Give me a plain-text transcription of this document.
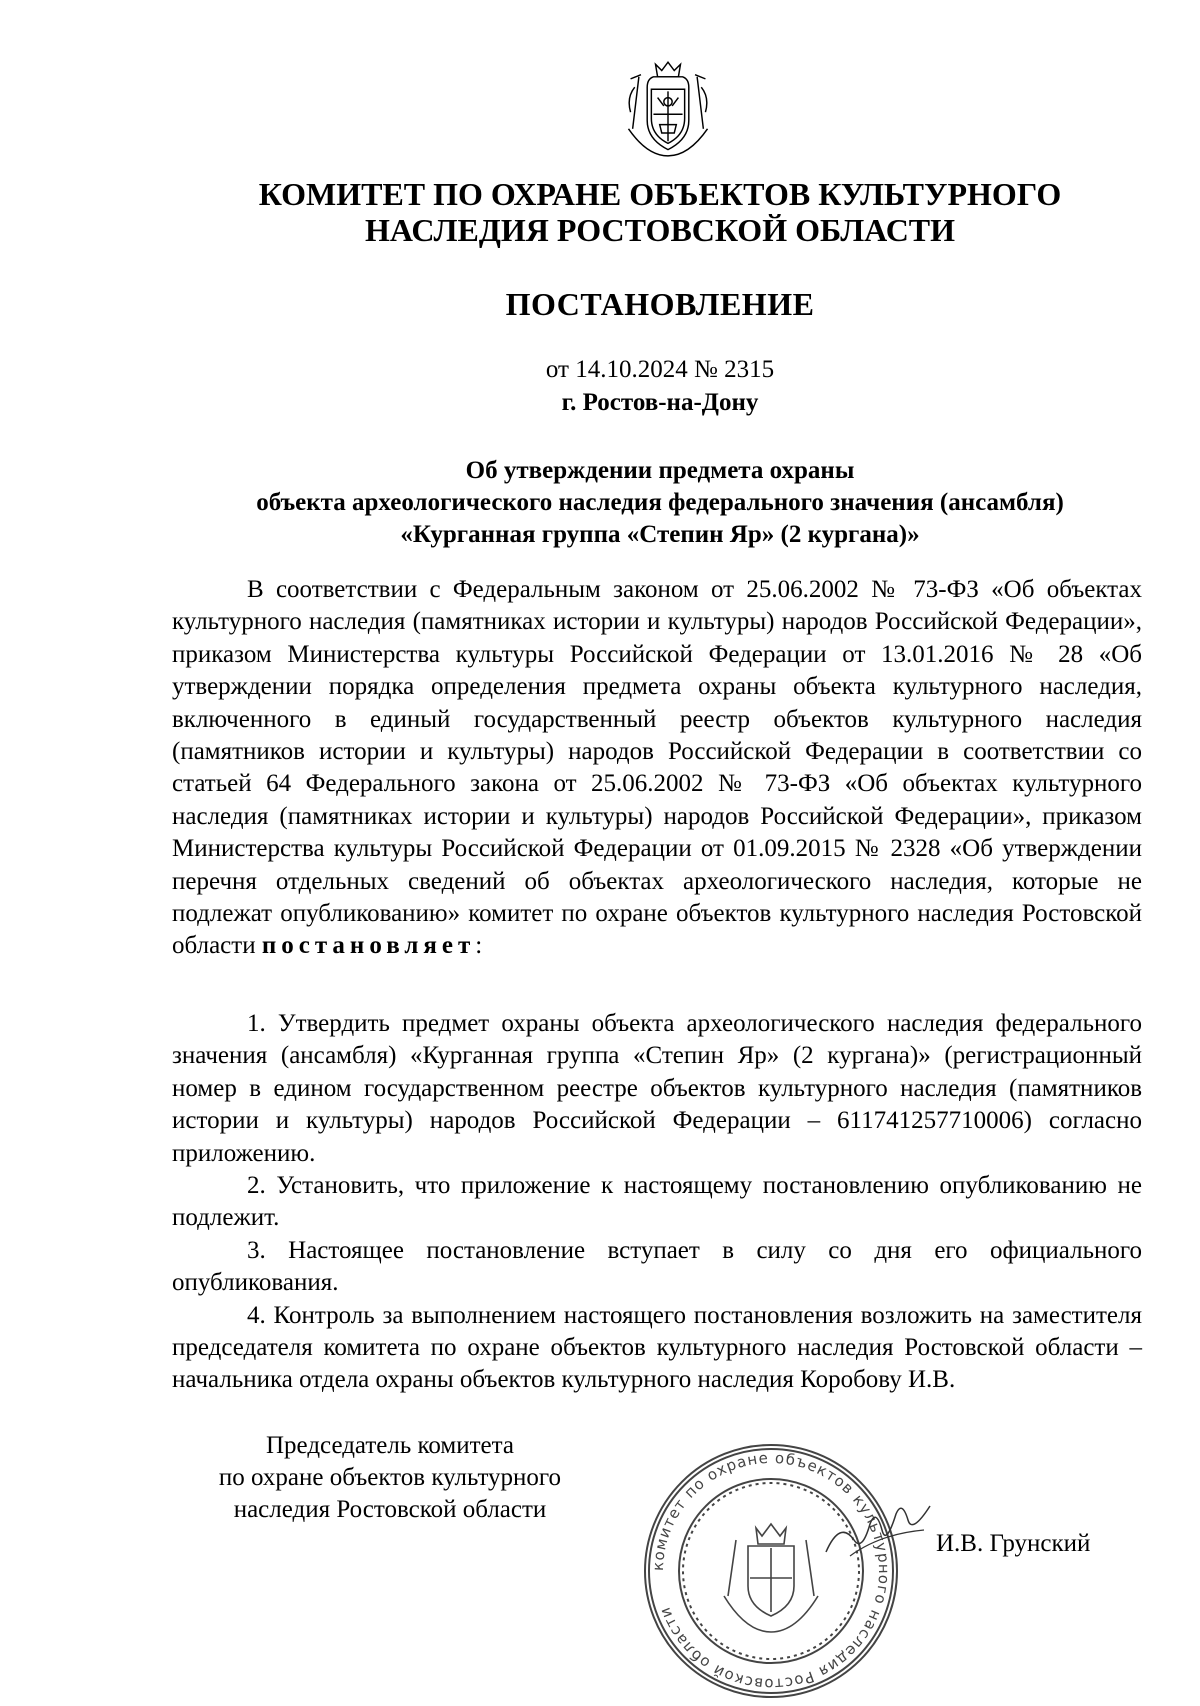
КОМИТЕТ ПО ОХРАНЕ ОБЪЕКТОВ КУЛЬТУРНОГО
НАСЛЕДИЯ РОСТОВСКОЙ ОБЛАСТИ
ПОСТАНОВЛЕНИЕ
от 14.10.2024 № 2315
г. Ростов-на-Дону
Об утверждении предмета охраны
объекта археологического наследия федерального значения (ансамбля)
«Курганная группа «Степин Яр» (2 кургана)»

В соответствии с Федеральным законом от 25.06.2002 № 73-ФЗ «Об объектах культурного наследия (памятниках истории и культуры) народов Российской Федерации», приказом Министерства культуры Российской Федерации от 13.01.2016 № 28 «Об утверждении порядка определения предмета охраны объекта культурного наследия, включенного в единый государственный реестр объектов культурного наследия (памятников истории и культуры) народов Российской Федерации в соответствии со статьей 64 Федерального закона от 25.06.2002 № 73-ФЗ «Об объектах культурного наследия (памятниках истории и культуры) народов Российской Федерации», приказом Министерства культуры Российской Федерации от 01.09.2015 № 2328 «Об утверждении перечня отдельных сведений об объектах археологического наследия, которые не подлежат опубликованию» комитет по охране объектов культурного наследия Ростовской области постановляет:

1. Утвердить предмет охраны объекта археологического наследия федерального значения (ансамбля) «Курганная группа «Степин Яр» (2 кургана)» (регистрационный номер в едином государственном реестре объектов культурного наследия (памятников истории и культуры) народов Российской Федерации – 611741257710006) согласно приложению.

2. Установить, что приложение к настоящему постановлению опубликованию не подлежит.

3. Настоящее постановление вступает в силу со дня его официального опубликования.

4. Контроль за выполнением настоящего постановления возложить на заместителя председателя комитета по охране объектов культурного наследия Ростовской области – начальника отдела охраны объектов культурного наследия Коробову И.В.

Председатель комитета
по охране объектов культурного
наследия Ростовской области
комитет по охране объектов культурного наследия Ростовской области
И.В. Грунский
